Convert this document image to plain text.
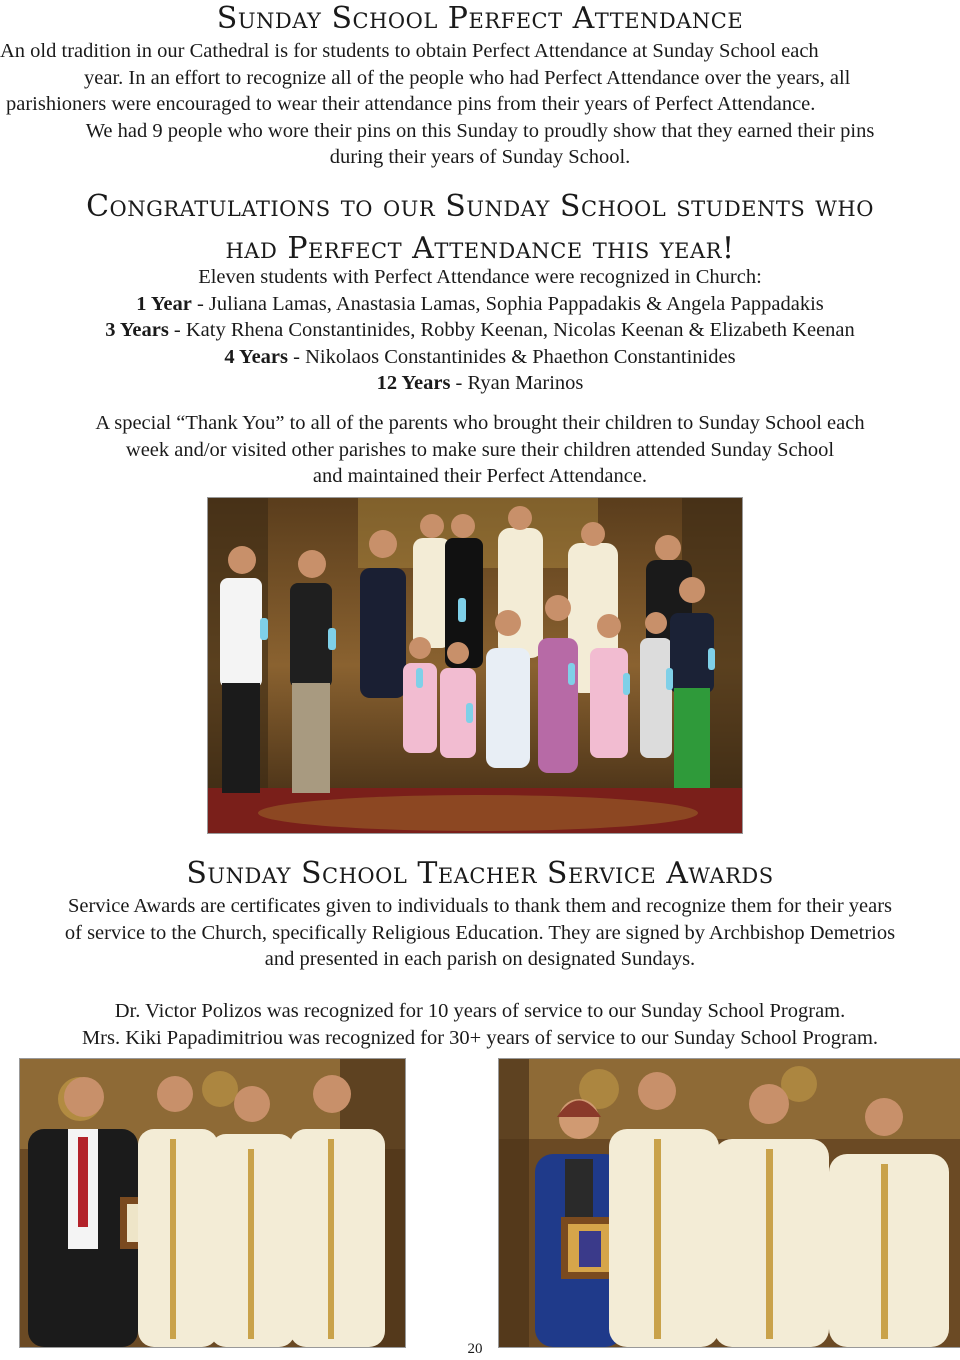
Sunday School Perfect Attendance

An old tradition in our Cathedral is for students to obtain Perfect Attendance at Sunday School each
year. In an effort to recognize all of the people who had Perfect Attendance over the years, all
parishioners were encouraged to wear their attendance pins from their years of Perfect Attendance.
We had 9 people who wore their pins on this Sunday to proudly show that they earned their pins
during their years of Sunday School.

Congratulations to our Sunday School students who
had Perfect Attendance this year!
Eleven students with Perfect Attendance were recognized in Church:
1 Year - Juliana Lamas, Anastasia Lamas, Sophia Pappadakis & Angela Pappadakis
3 Years - Katy Rhena Constantinides, Robby Keenan, Nicolas Keenan & Elizabeth Keenan
4 Years - Nikolaos Constantinides & Phaethon Constantinides
12 Years - Ryan Marinos

A special “Thank You” to all of the parents who brought their children to Sunday School each
week and/or visited other parishes to make sure their children attended Sunday School
and maintained their Perfect Attendance.

Sunday School Teacher Service Awards

Service Awards are certificates given to individuals to thank them and recognize them for their years
of service to the Church, specifically Religious Education. They are signed by Archbishop Demetrios
and presented in each parish on designated Sundays.

Dr. Victor Polizos was recognized for 10 years of service to our Sunday School Program.
Mrs. Kiki Papadimitriou was recognized for 30+ years of service to our Sunday School Program.

20
